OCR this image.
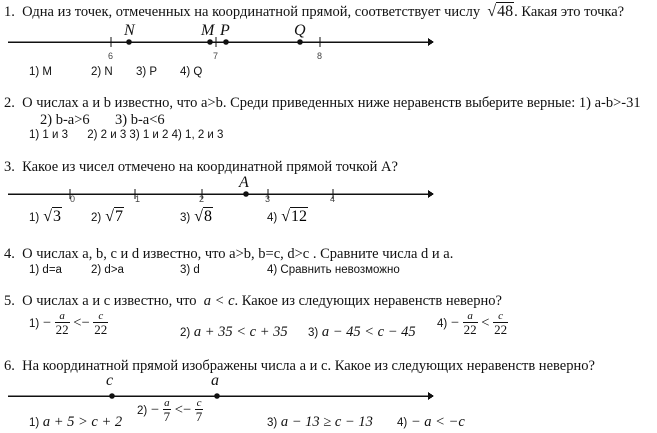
1. Одна из точек, отмеченных на координатной прямой, соответствует числу √48. Какая это точка?
N	M P	Q
6	7	8
1) M	2) N 3) P 4) Q
2. О числах а и b известно, что a>b. Среди приведенных ниже неравенств выберите верные: 1) a-b>-31
2) b-a>6       3) b-a<6
1) 1 и 3      2) 2 и 3 3) 1 и 2 4) 1, 2 и 3
3. Какое из чисел отмечено на координатной прямой точкой A?
A
0	1	2	3	4
1) √3	2) √7	3) √8	4) √12
4. О числах a, b, c и d известно, что a>b, b=c, d>c . Сравните числа d и a.
1) d=a	2) d>a	3) d	4) Сравнить невозможно
5. О числах а и с известно, что a < c. Какое из следующих неравенств неверно?
$1) - \frac{a}{22} <- \frac{c}{22}$	2) a + 35 < c + 35 3) a − 45 < c − 45
$4) - \frac{a}{22} < \frac{c}{22}$
6. На координатной прямой изображены числа а и с. Какое из следующих неравенств неверно?
c	a
1) a + 5 > c + 2
$2) - \frac{a}{7} <- \frac{c}{7}$	3) a − 13 ≥ c − 13 4) − a < −c
